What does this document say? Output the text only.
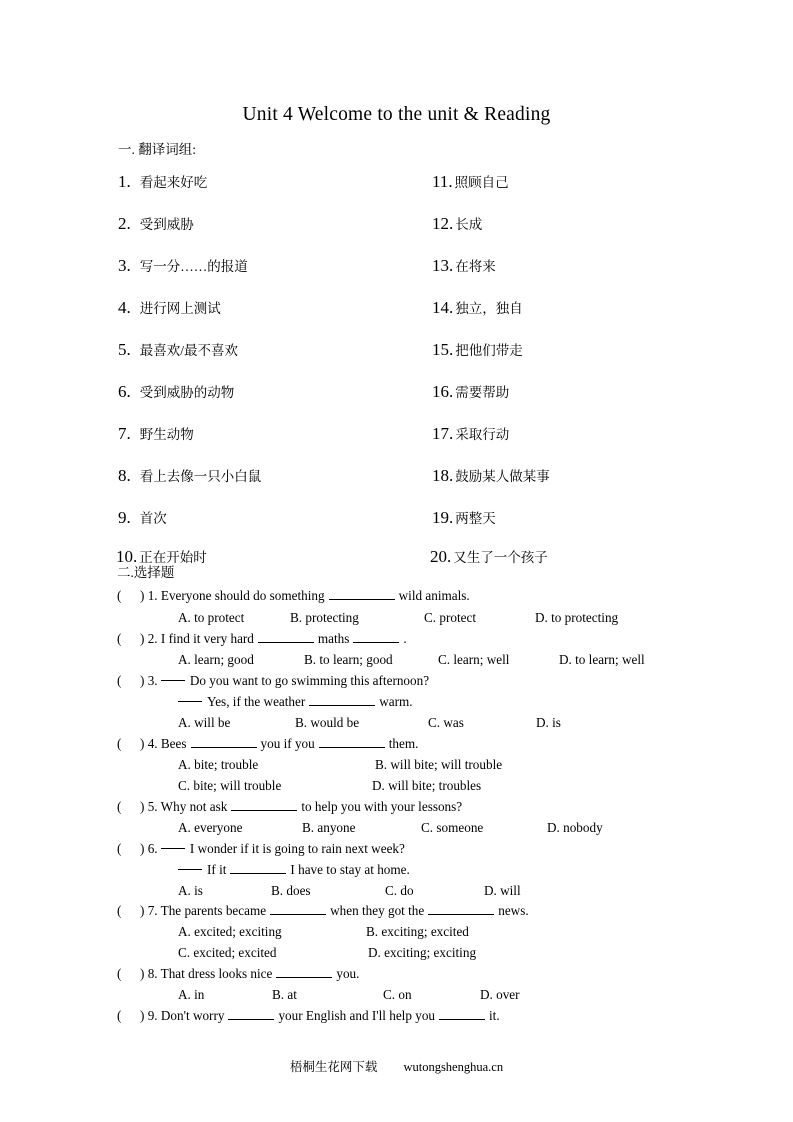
Unit 4 Welcome to the unit & Reading
一. 翻译词组:
1. 看起来好吃
2. 受到威胁
3. 写一分……的报道
4. 进行网上测试
5. 最喜欢/最不喜欢
6. 受到威胁的动物
7. 野生动物
8. 看上去像一只小白鼠
9. 首次
10. 正在开始时
11. 照顾自己
12. 长成
13. 在将来
14. 独立，独自
15. 把他们带走
16. 需要帮助
17. 采取行动
18. 鼓励某人做某事
19. 两整天
20. 又生了一个孩子
二.选择题
( ) 1. Everyone should do something	wild animals.
A. to protect	B. protecting	C. protect	D. to protecting
( ) 2. I find it very hard	maths	.
A. learn; good	B. to learn; good	C. learn; well	D. to learn; well
( ) 3. Do you want to go swimming this afternoon?
Yes, if the weather	warm.
A. will be	B. would be	C. was	D. is
( ) 4. Bees	you if you	them.
A. bite; trouble	B. will bite; will trouble
C. bite; will trouble	D. will bite; troubles
( ) 5. Why not ask	to help you with your lessons?
A. everyone	B. anyone	C. someone	D. nobody
( ) 6. I wonder if it is going to rain next week?
If it	I have to stay at home.
A. is	B. does	C. do	D. will
( ) 7. The parents became	when they got the	news.
A. excited; exciting	B. exciting; excited
C. excited; excited	D. exciting; exciting
( ) 8. That dress looks nice	you.
A. in	B. at	C. on	D. over
( ) 9. Don't worry	your English and I'll help you	it.
梧桐生花网下载 wutongshenghua.cn
